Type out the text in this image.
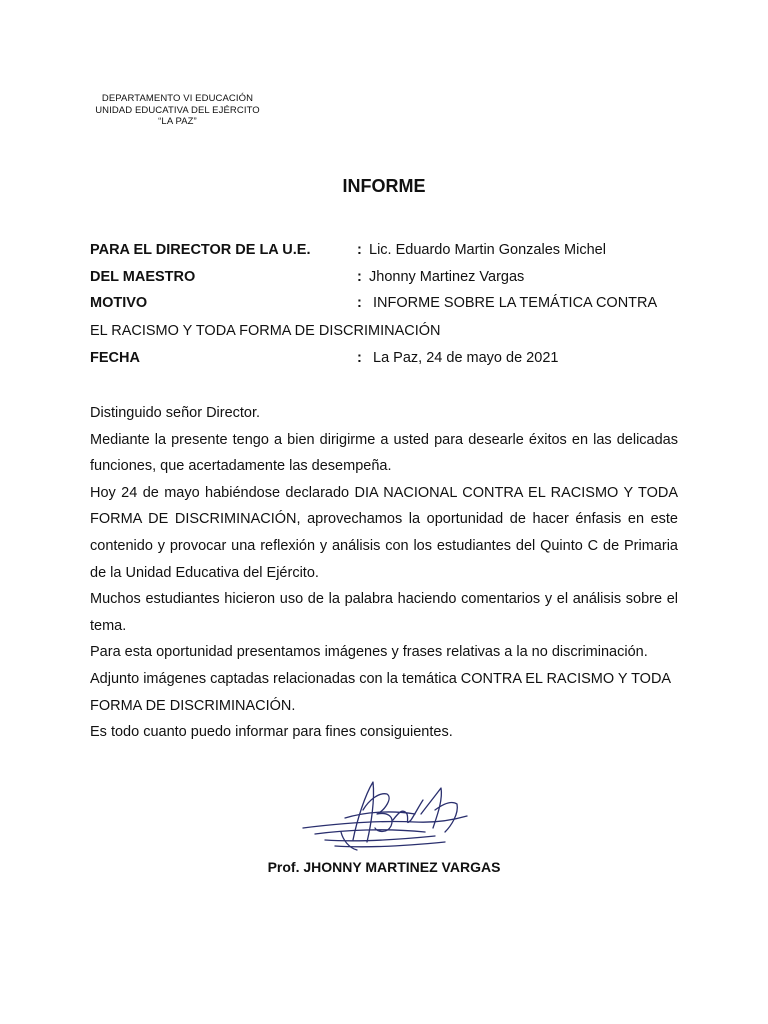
DEPARTAMENTO VI EDUCACIÓN
UNIDAD EDUCATIVA DEL EJÉRCITO
“LA PAZ”
INFORME
PARA EL DIRECTOR DE LA U.E.	: Lic. Eduardo Martin Gonzales Michel
DEL MAESTRO	: Jhonny Martinez Vargas
MOTIVO	: INFORME SOBRE LA TEMÁTICA CONTRA
EL RACISMO Y TODA FORMA DE DISCRIMINACIÓN
FECHA	: La Paz, 24 de mayo de 2021

Distinguido señor Director.

Mediante la presente tengo a bien dirigirme a usted para desearle éxitos en las delicadas funciones, que acertadamente las desempeña.

Hoy 24 de mayo habiéndose declarado DIA NACIONAL CONTRA EL RACISMO Y TODA FORMA DE DISCRIMINACIÓN, aprovechamos la oportunidad de hacer énfasis en este contenido y provocar una reflexión y análisis con los estudiantes del Quinto C de Primaria de la Unidad Educativa del Ejército.

Muchos estudiantes hicieron uso de la palabra haciendo comentarios y el análisis sobre el tema.

Para esta oportunidad presentamos imágenes y frases relativas a la no discriminación.

Adjunto imágenes captadas relacionadas con la temática CONTRA EL RACISMO Y TODA FORMA DE DISCRIMINACIÓN.

Es todo cuanto puedo informar para fines consiguientes.

Prof. JHONNY MARTINEZ VARGAS
